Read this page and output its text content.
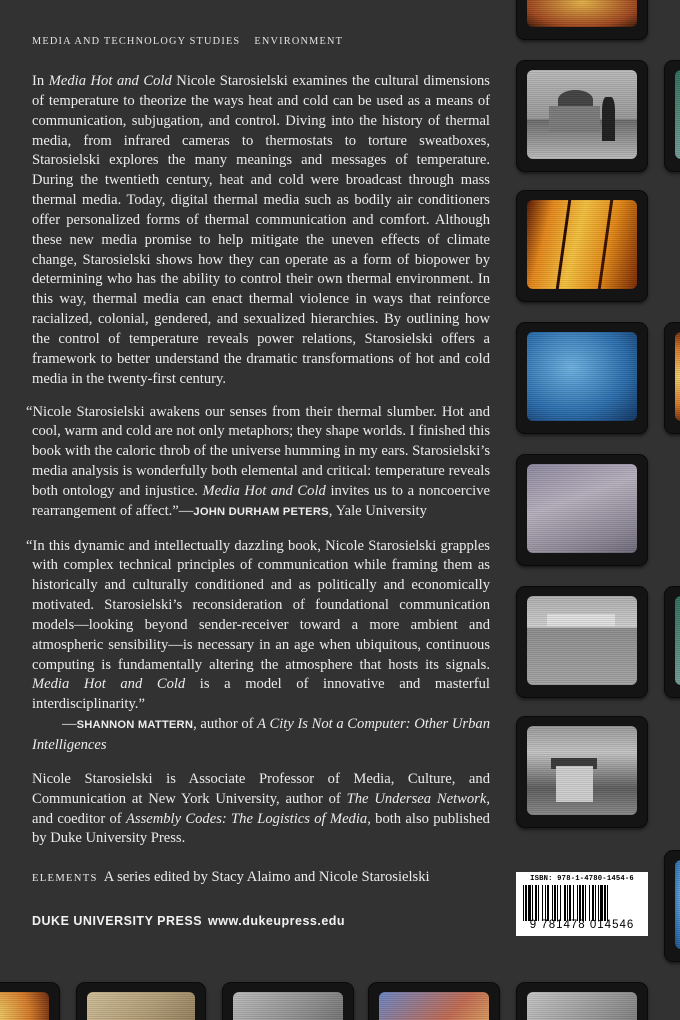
MEDIA AND TECHNOLOGY STUDIES ENVIRONMENT

In Media Hot and Cold Nicole Starosielski examines the cultural dimensions of temperature to theorize the ways heat and cold can be used as a means of communication, subjugation, and control. Diving into the history of thermal media, from infrared cameras to thermostats to torture sweatboxes, Starosielski explores the many meanings and messages of temperature. During the twentieth century, heat and cold were broadcast through mass thermal media. Today, digital thermal media such as bodily air conditioners offer personalized forms of thermal communication and comfort. Although these new media promise to help mitigate the uneven effects of climate change, Starosielski shows how they can operate as a form of biopower by determining who has the ability to control their own thermal environment. In this way, thermal media can enact thermal violence in ways that reinforce racialized, colonial, gendered, and sexualized hierarchies. By outlining how the control of temperature reveals power relations, Starosielski offers a framework to better understand the dramatic transformations of hot and cold media in the twenty-first century.

“Nicole Starosielski awakens our senses from their thermal slumber. Hot and cool, warm and cold are not only metaphors; they shape worlds. I finished this book with the caloric throb of the universe humming in my ears. Starosielski’s media analysis is wonderfully both elemental and critical: temperature reveals both ontology and injustice. Media Hot and Cold invites us to a noncoercive rearrangement of affect.”—JOHN DURHAM PETERS, Yale University

“In this dynamic and intellectually dazzling book, Nicole Starosielski grapples with complex technical principles of communication while framing them as historically and culturally conditioned and as politically and economically motivated. Starosielski’s reconsideration of foundational communication models—looking beyond sender-receiver toward a more ambient and atmospheric sensibility—is necessary in an age when ubiquitous, continuous computing is fundamentally altering the atmosphere that hosts its signals. Media Hot and Cold is a model of innovative and masterful interdisciplinarity.”
—SHANNON MATTERN, author of A City Is Not a Computer: Other Urban Intelligences

Nicole Starosielski is Associate Professor of Media, Culture, and Communication at New York University, author of The Undersea Network, and coeditor of Assembly Codes: The Logistics of Media, both also published by Duke University Press.

ELEMENTS A series edited by Stacy Alaimo and Nicole Starosielski
DUKE UNIVERSITY PRESS www.dukeupress.edu
ISBN: 978-1-4780-1454-6
9 781478 014546
